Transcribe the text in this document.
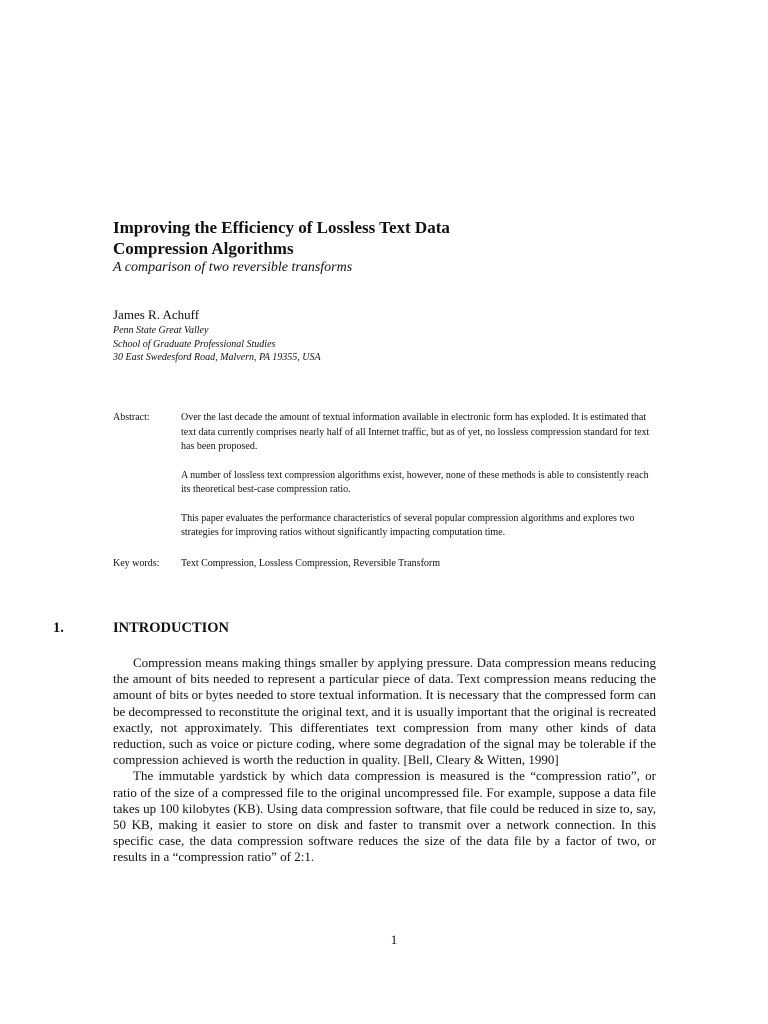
Improving the Efficiency of Lossless Text Data
Compression Algorithms
A comparison of two reversible transforms
James R. Achuff
Penn State Great Valley
School of Graduate Professional Studies
30 East Swedesford Road, Malvern, PA 19355, USA
Abstract:	Over the last decade the amount of textual information available in electronic form has exploded. It is estimated that text data currently comprises nearly half of all Internet traffic, but as of yet, no lossless compression standard for text has been proposed.

A number of lossless text compression algorithms exist, however, none of these methods is able to consistently reach its theoretical best-case compression ratio.

This paper evaluates the performance characteristics of several popular compression algorithms and explores two strategies for improving ratios without significantly impacting computation time.

Key words: Text Compression, Lossless Compression, Reversible Transform
1.	INTRODUCTION

Compression means making things smaller by applying pressure. Data compression means reducing the amount of bits needed to represent a particular piece of data. Text compression means reducing the amount of bits or bytes needed to store textual information. It is necessary that the compressed form can be decompressed to reconstitute the original text, and it is usually important that the original is recreated exactly, not approximately. This differentiates text compression from many other kinds of data reduction, such as voice or picture coding, where some degradation of the signal may be tolerable if the compression achieved is worth the reduction in quality. [Bell, Cleary & Witten, 1990]

The immutable yardstick by which data compression is measured is the “compression ratio”, or ratio of the size of a compressed file to the original uncompressed file. For example, suppose a data file takes up 100 kilobytes (KB). Using data compression software, that file could be reduced in size to, say, 50 KB, making it easier to store on disk and faster to transmit over a network connection. In this specific case, the data compression software reduces the size of the data file by a factor of two, or results in a “compression ratio” of 2:1.

1
